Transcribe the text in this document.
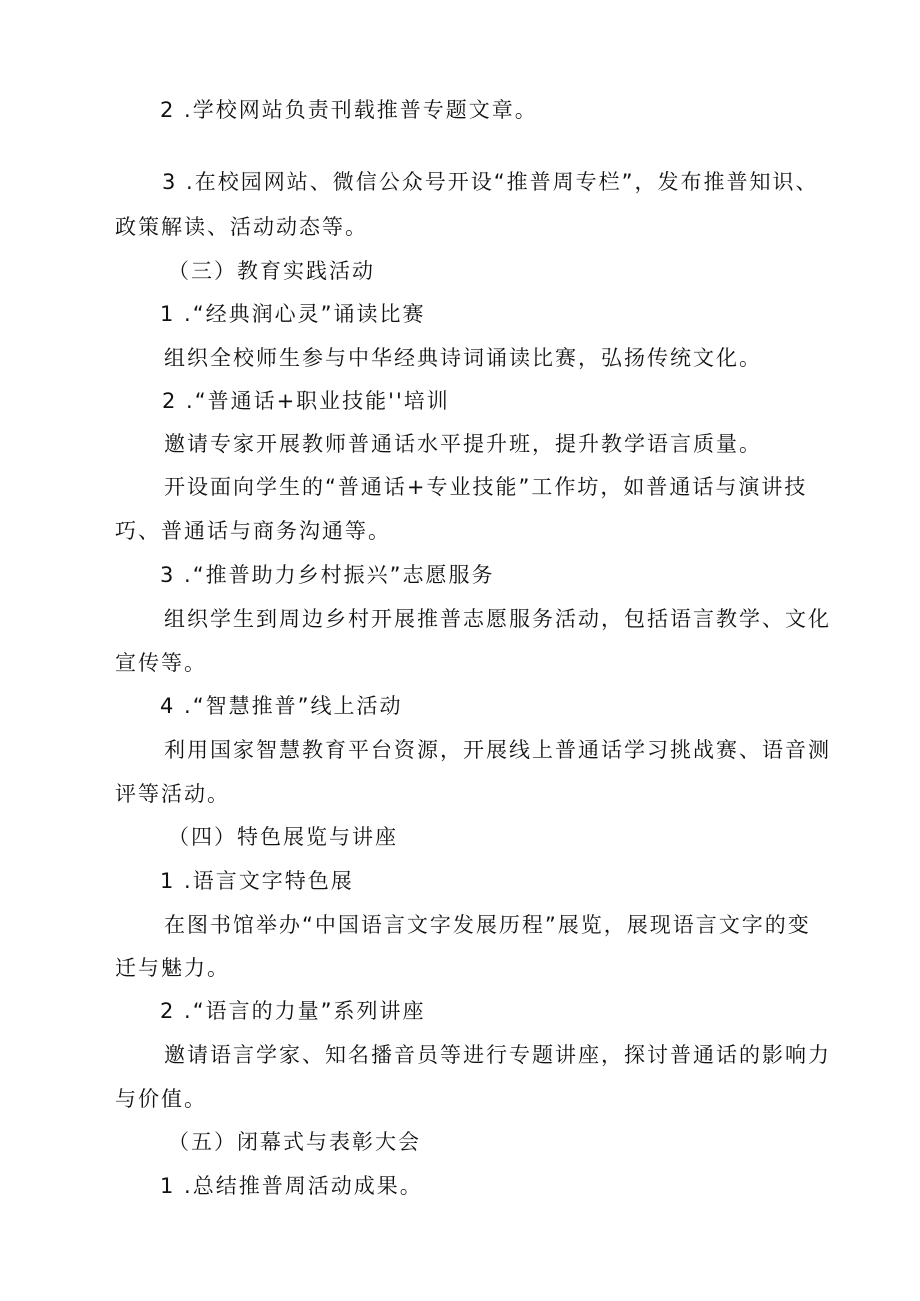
2 .学校网站负责刊载推普专题文章。
3 .在校园网站、微信公众号开设“推普周专栏”，发布推普知识、
政策解读、活动动态等。
（三）教育实践活动
1 .“经典润心灵”诵读比赛
组织全校师生参与中华经典诗词诵读比赛，弘扬传统文化。
2 .“普通话+职业技能''培训
邀请专家开展教师普通话水平提升班，提升教学语言质量。
开设面向学生的“普通话+专业技能”工作坊，如普通话与演讲技
巧、普通话与商务沟通等。
3 .“推普助力乡村振兴”志愿服务
组织学生到周边乡村开展推普志愿服务活动，包括语言教学、文化
宣传等。
4 .“智慧推普”线上活动
利用国家智慧教育平台资源，开展线上普通话学习挑战赛、语音测
评等活动。
（四）特色展览与讲座
1 .语言文字特色展
在图书馆举办“中国语言文字发展历程”展览，展现语言文字的变
迁与魅力。
2 .“语言的力量”系列讲座
邀请语言学家、知名播音员等进行专题讲座，探讨普通话的影响力
与价值。
（五）闭幕式与表彰大会
1 .总结推普周活动成果。
